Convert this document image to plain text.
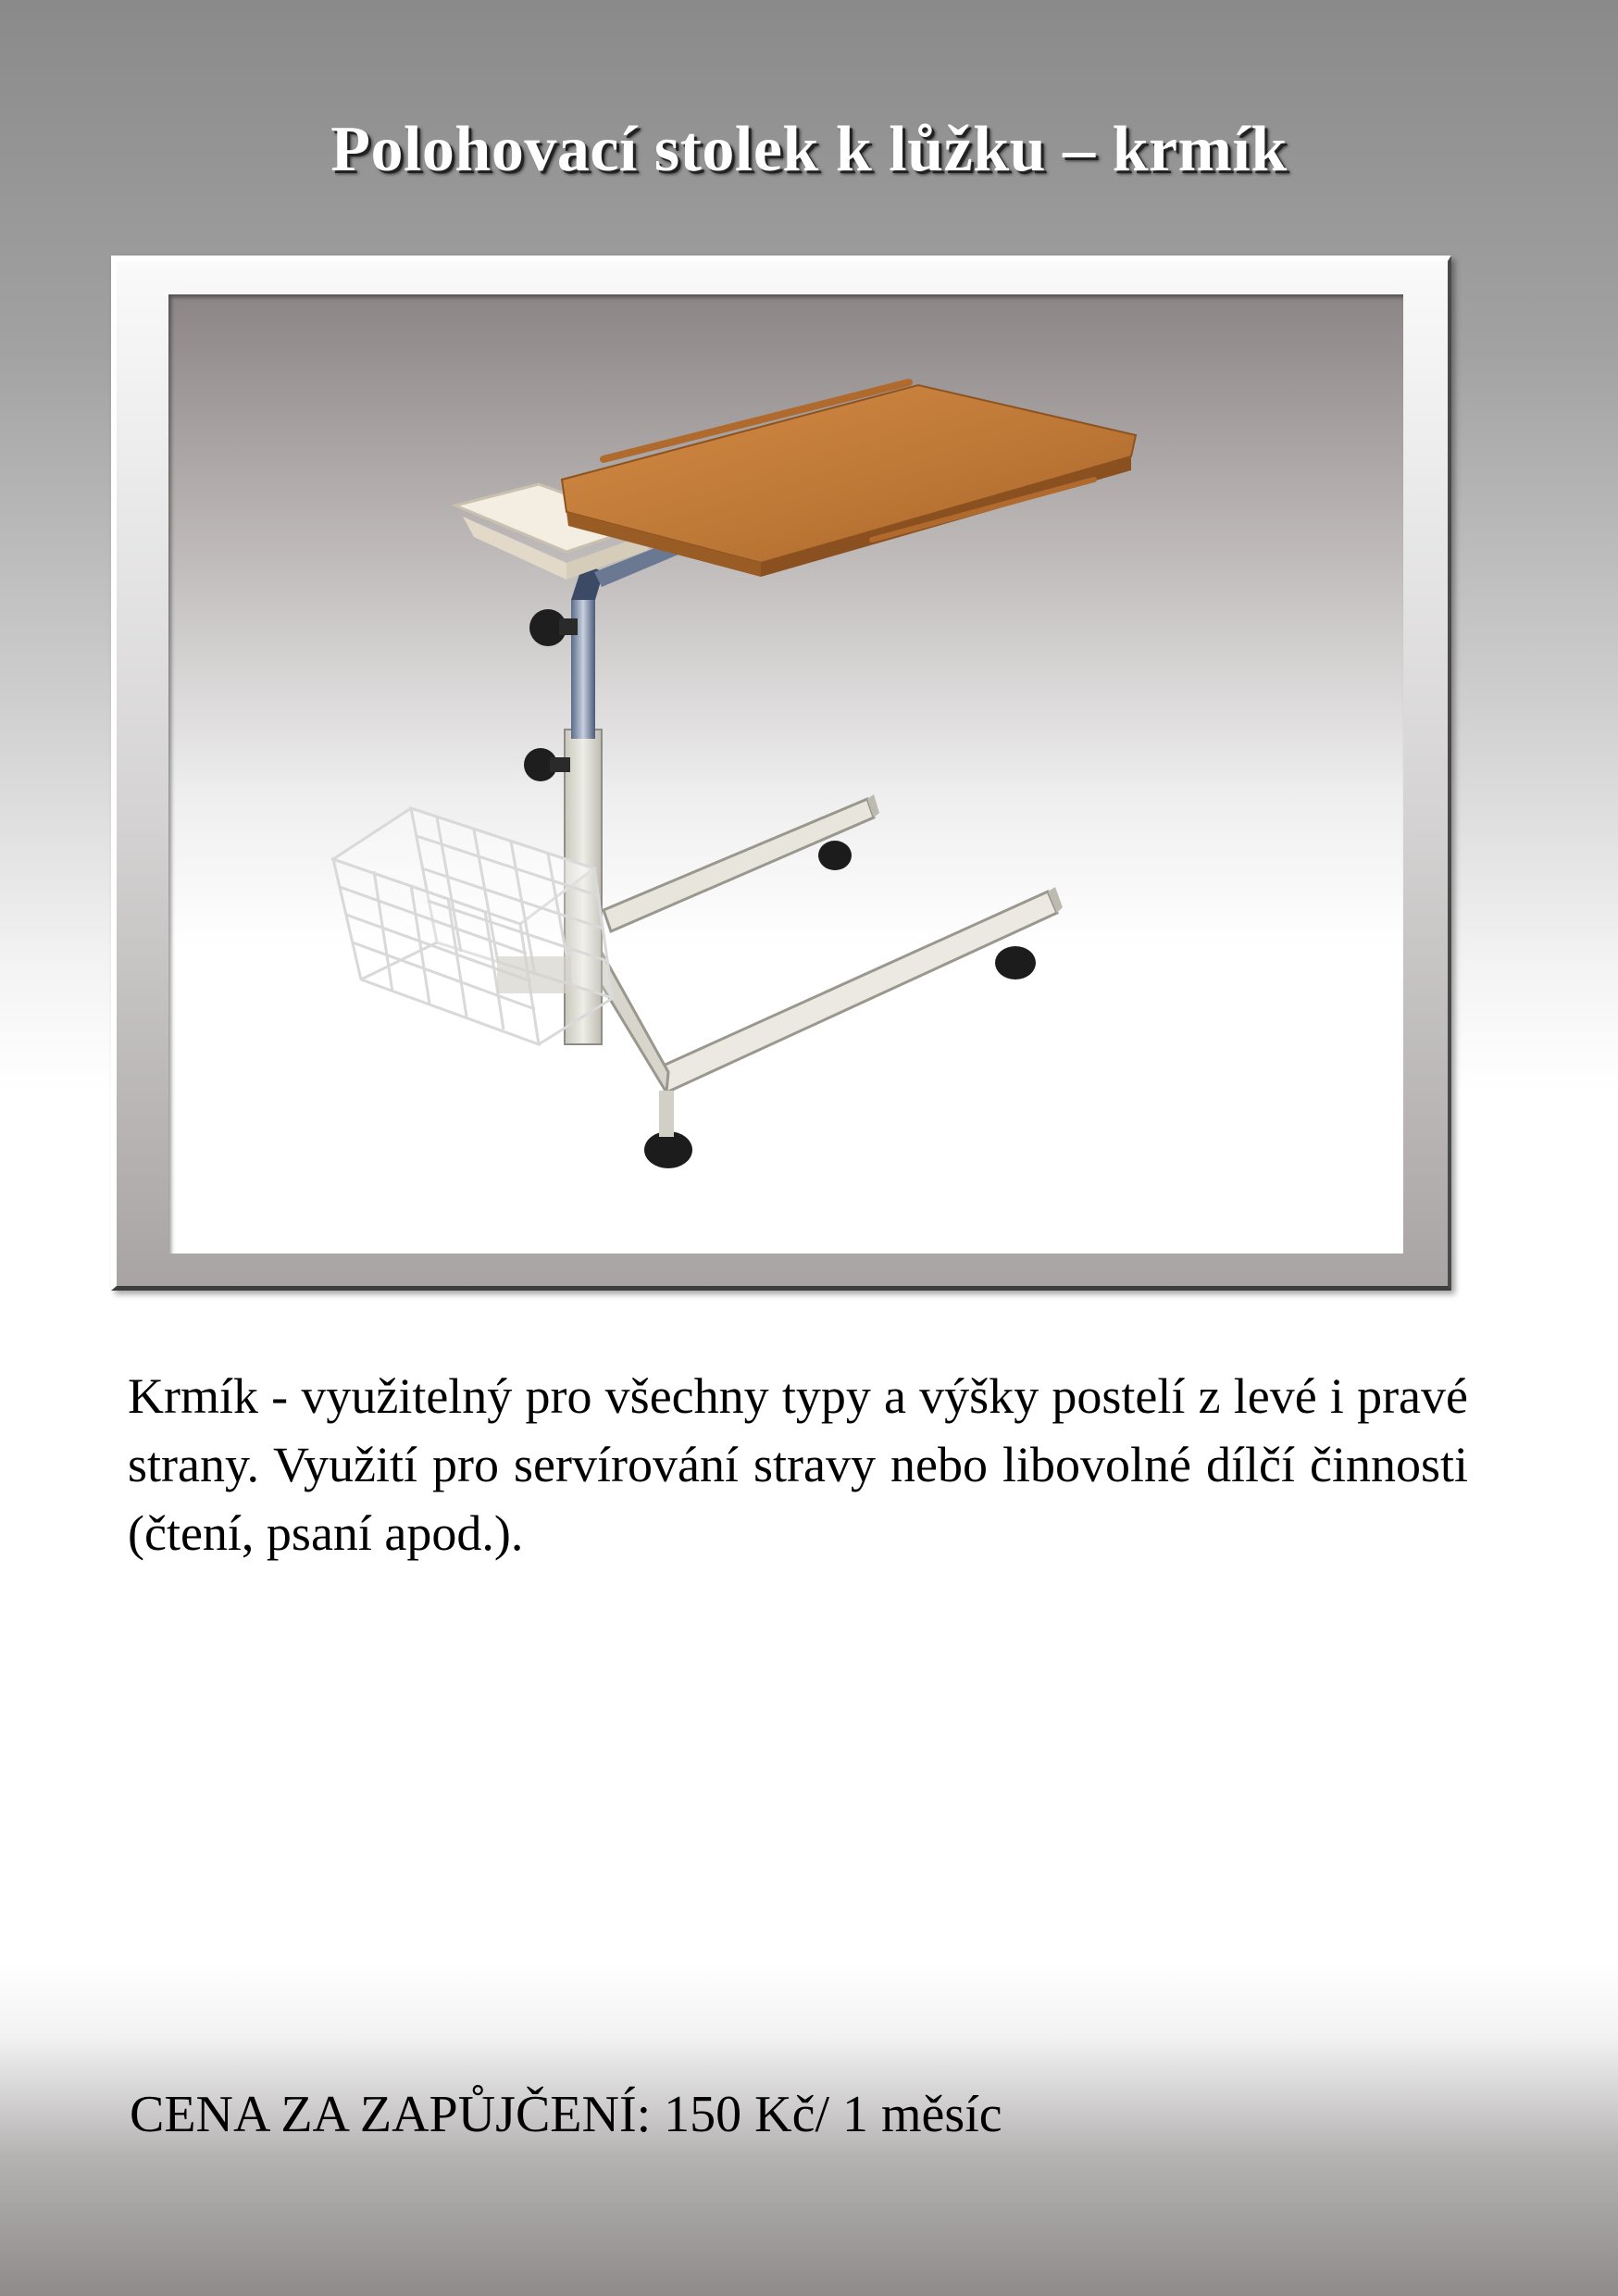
Polohovací stolek k lůžku – krmík

Krmík - využitelný pro všechny typy a výšky postelí z levé i pravé strany. Využití pro servírování stravy nebo libovolné dílčí činnosti (čtení, psaní apod.).

CENA ZA ZAPŮJČENÍ: 150 Kč/ 1 měsíc
